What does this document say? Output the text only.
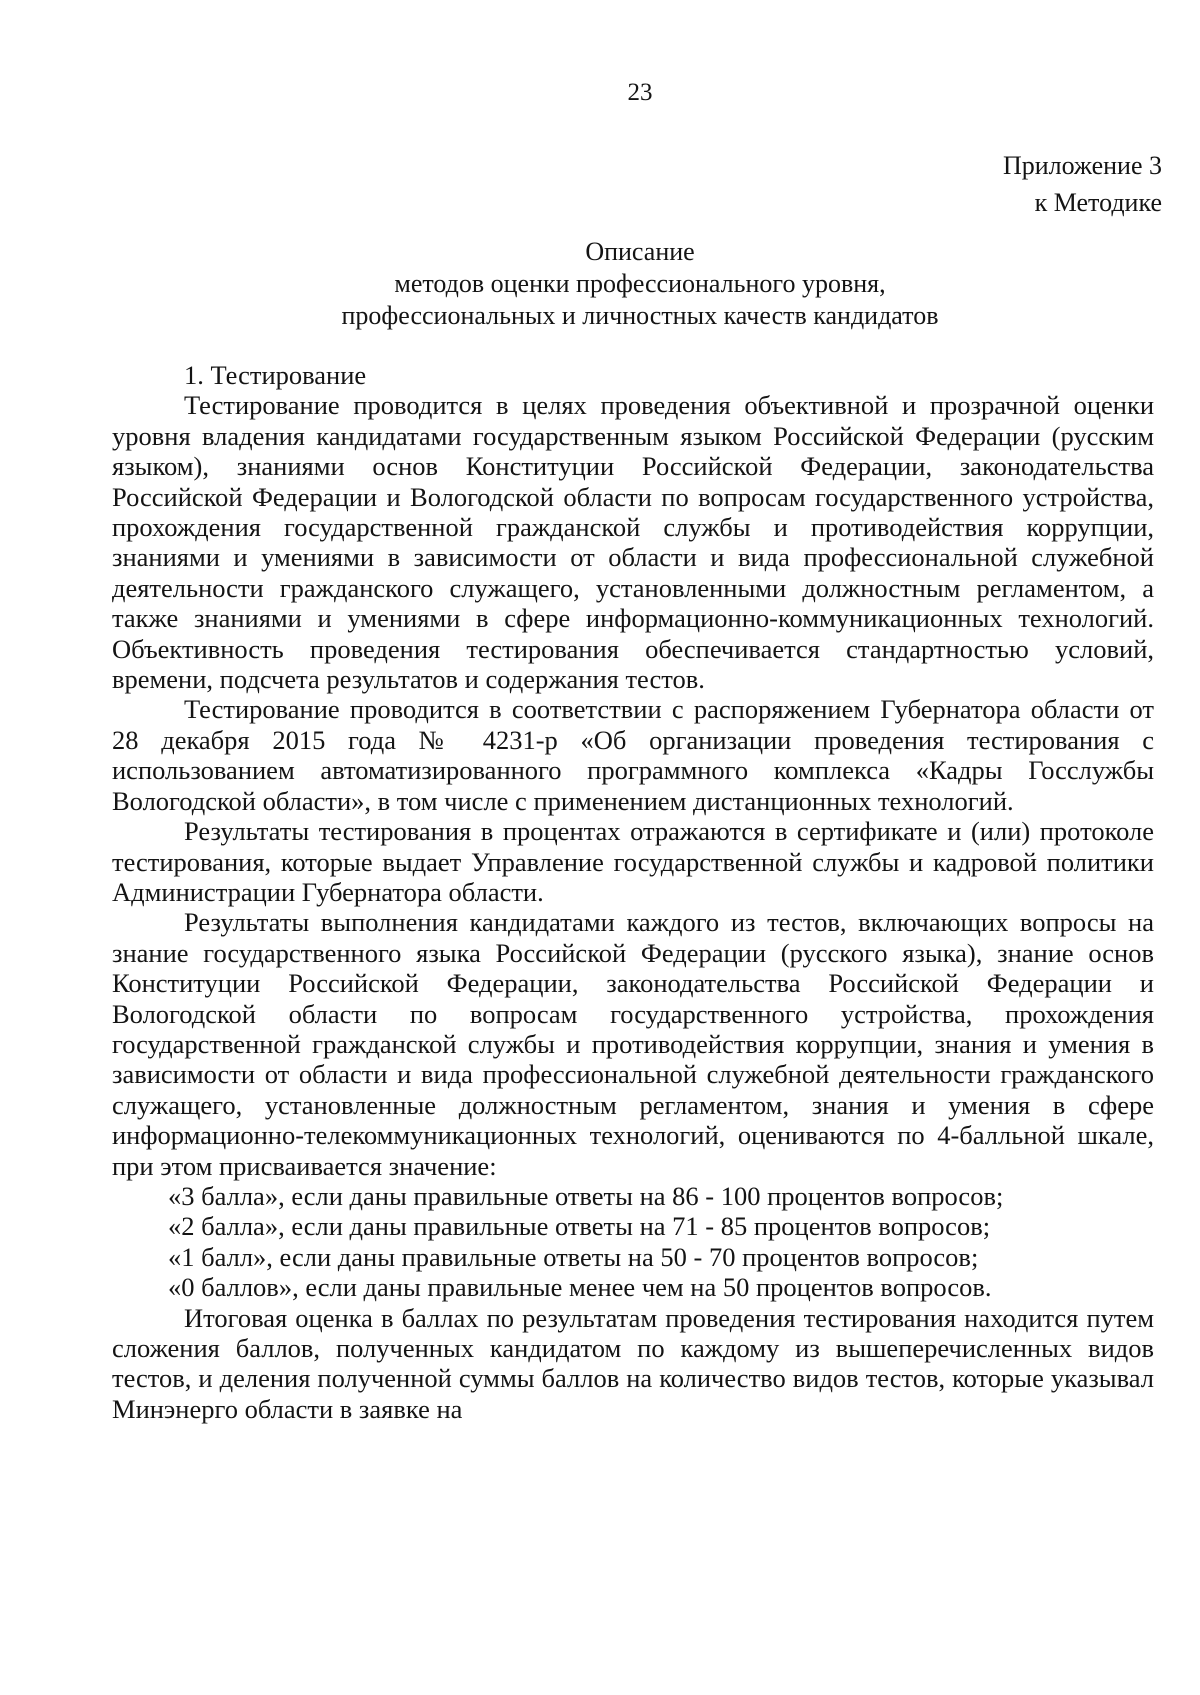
23
Приложение 3
к Методике
Описание
методов оценки профессионального уровня,
профессиональных и личностных качеств кандидатов

1. Тестирование

Тестирование проводится в целях проведения объективной и прозрачной оценки уровня владения кандидатами государственным языком Российской Федерации (русским языком), знаниями основ Конституции Российской Федерации, законодательства Российской Федерации и Вологодской области по вопросам государственного устройства, прохождения государственной гражданской службы и противодействия коррупции, знаниями и умениями в зависимости от области и вида профессиональной служебной деятельности гражданского служащего, установленными должностным регламентом, а также знаниями и умениями в сфере информационно-коммуникационных технологий. Объективность проведения тестирования обеспечивается стандартностью условий, времени, подсчета результатов и содержания тестов.

Тестирование проводится в соответствии с распоряжением Губернатора области от 28 декабря 2015 года № 4231-р «Об организации проведения тестирования с использованием автоматизированного программного комплекса «Кадры Госслужбы Вологодской области», в том числе с применением дистанционных технологий.

Результаты тестирования в процентах отражаются в сертификате и (или) протоколе тестирования, которые выдает Управление государственной службы и кадровой политики Администрации Губернатора области.

Результаты выполнения кандидатами каждого из тестов, включающих вопросы на знание государственного языка Российской Федерации (русского языка), знание основ Конституции Российской Федерации, законодательства Российской Федерации и Вологодской области по вопросам государственного устройства, прохождения государственной гражданской службы и противодействия коррупции, знания и умения в зависимости от области и вида профессиональной служебной деятельности гражданского служащего, установленные должностным регламентом, знания и умения в сфере информационно-телекоммуникационных технологий, оцениваются по 4-балльной шкале, при этом присваивается значение:

«3 балла», если даны правильные ответы на 86 - 100 процентов вопросов;

«2 балла», если даны правильные ответы на 71 - 85 процентов вопросов;

«1 балл», если даны правильные ответы на 50 - 70 процентов вопросов;

«0 баллов», если даны правильные менее чем на 50 процентов вопросов.

Итоговая оценка в баллах по результатам проведения тестирования находится путем сложения баллов, полученных кандидатом по каждому из вышеперечисленных видов тестов, и деления полученной суммы баллов на количество видов тестов, которые указывал Минэнерго области в заявке на
